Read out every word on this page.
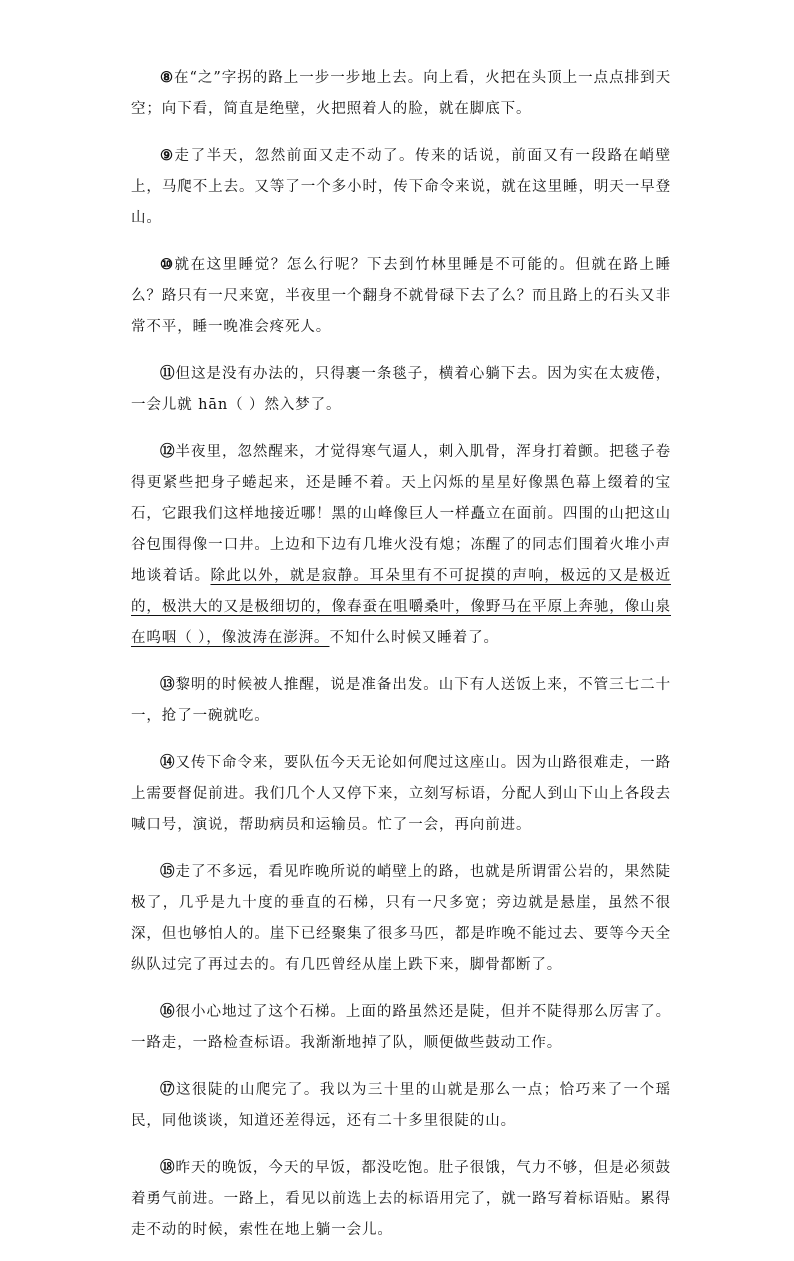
⑧在“之”字拐的路上一步一步地上去。向上看，火把在头顶上一点点排到天空；向下看，简直是绝壁，火把照着人的脸，就在脚底下。

⑨走了半天，忽然前面又走不动了。传来的话说，前面又有一段路在峭壁上，马爬不上去。又等了一个多小时，传下命令来说，就在这里睡，明天一早登山。

⑩就在这里睡觉？怎么行呢？下去到竹林里睡是不可能的。但就在路上睡么？路只有一尺来宽，半夜里一个翻身不就骨碌下去了么？而且路上的石头又非常不平，睡一晚准会疼死人。

⑪但这是没有办法的，只得裹一条毯子，横着心躺下去。因为实在太疲倦，一会儿就 hān（ ）然入梦了。

⑫半夜里，忽然醒来，才觉得寒气逼人，刺入肌骨，浑身打着颤。把毯子卷得更紧些把身子蜷起来，还是睡不着。天上闪烁的星星好像黑色幕上缀着的宝石，它跟我们这样地接近哪！黑的山峰像巨人一样矗立在面前。四围的山把这山谷包围得像一口井。上边和下边有几堆火没有熄；冻醒了的同志们围着火堆小声地谈着话。除此以外，就是寂静。耳朵里有不可捉摸的声响，极远的又是极近的，极洪大的又是极细切的，像春蚕在咀嚼桑叶，像野马在平原上奔驰，像山泉在呜咽（ ），像波涛在澎湃。不知什么时候又睡着了。

⑬黎明的时候被人推醒，说是准备出发。山下有人送饭上来，不管三七二十一，抢了一碗就吃。

⑭又传下命令来，要队伍今天无论如何爬过这座山。因为山路很难走，一路上需要督促前进。我们几个人又停下来，立刻写标语，分配人到山下山上各段去喊口号，演说，帮助病员和运输员。忙了一会，再向前进。

⑮走了不多远，看见昨晚所说的峭壁上的路，也就是所谓雷公岩的，果然陡极了，几乎是九十度的垂直的石梯，只有一尺多宽；旁边就是悬崖，虽然不很深，但也够怕人的。崖下已经聚集了很多马匹，都是昨晚不能过去、要等今天全纵队过完了再过去的。有几匹曾经从崖上跌下来，脚骨都断了。

⑯很小心地过了这个石梯。上面的路虽然还是陡，但并不陡得那么厉害了。一路走，一路检查标语。我渐渐地掉了队，顺便做些鼓动工作。

⑰这很陡的山爬完了。我以为三十里的山就是那么一点；恰巧来了一个瑶民，同他谈谈，知道还差得远，还有二十多里很陡的山。

⑱昨天的晚饭，今天的早饭，都没吃饱。肚子很饿，气力不够，但是必须鼓着勇气前进。一路上，看见以前选上去的标语用完了，就一路写着标语贴。累得走不动的时候，索性在地上躺一会儿。
